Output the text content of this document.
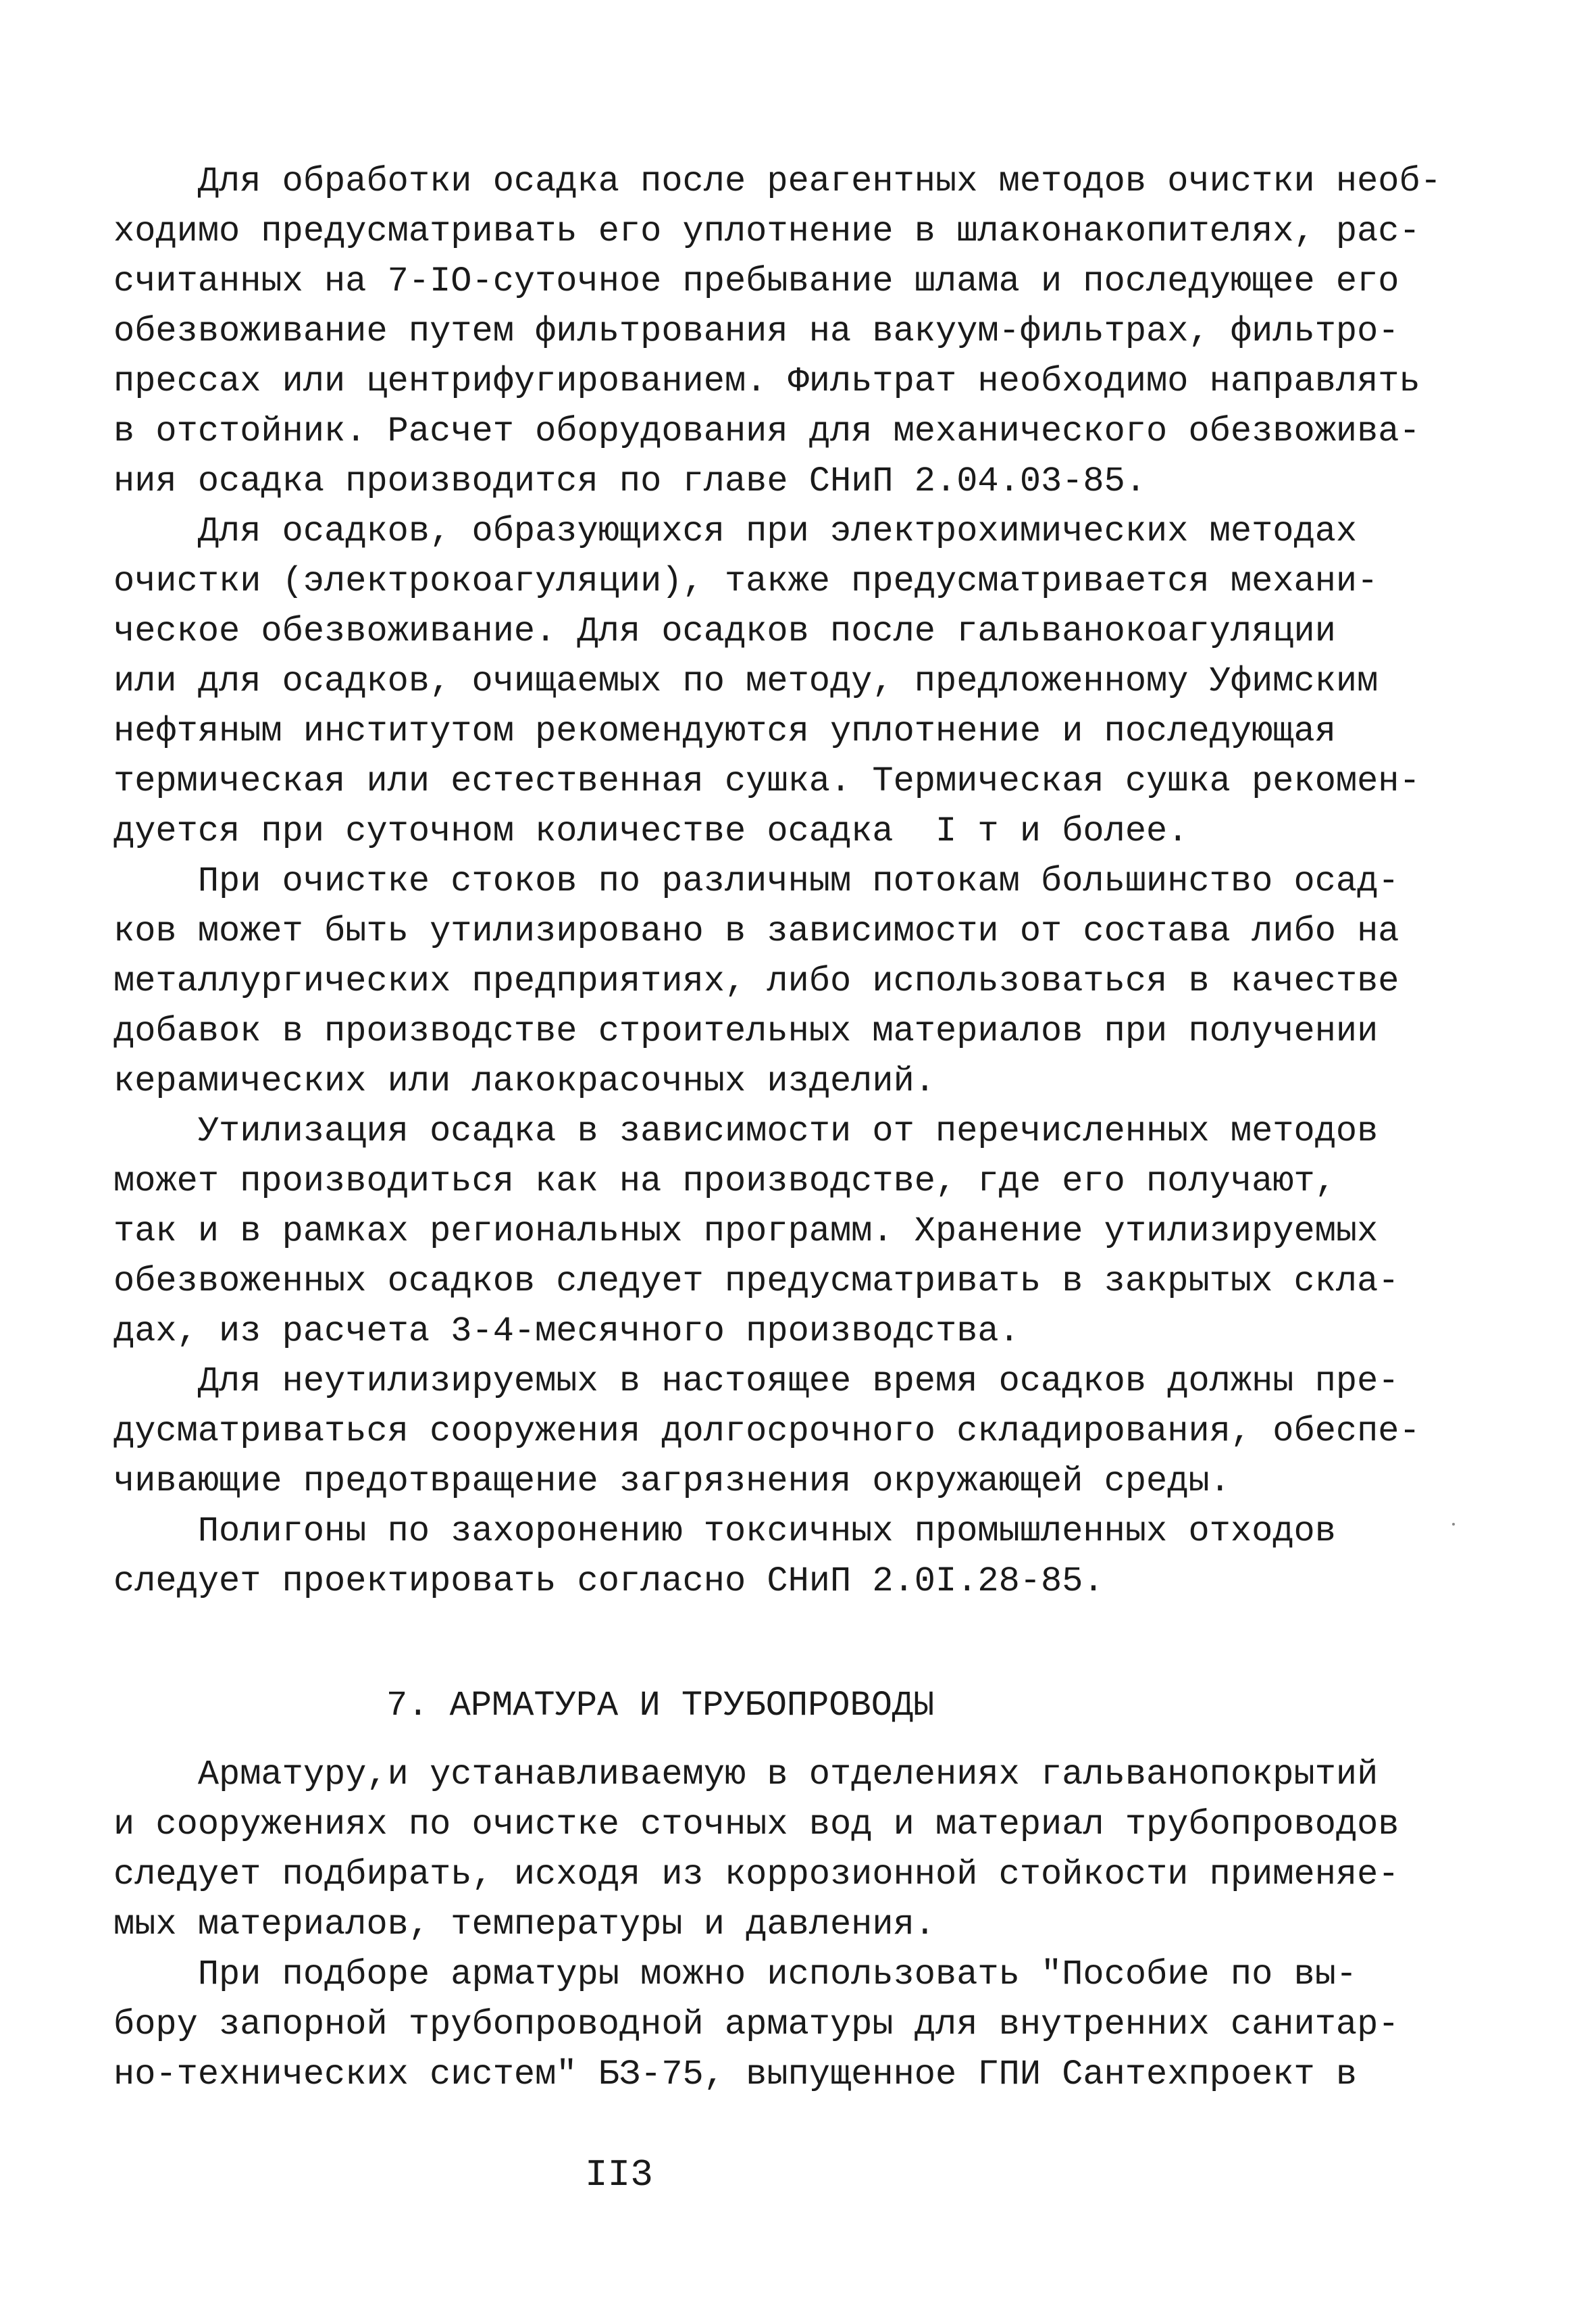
Для обработки осадка после реагентных методов очистки необ-
ходимо предусматривать его уплотнение в шлаконакопителях, рас-
считанных на 7-IO-суточное пребывание шлама и последующее его
обезвоживание путем фильтрования на вакуум-фильтрах, фильтро-
прессах или центрифугированием. Фильтрат необходимо направлять
в отстойник. Расчет оборудования для механического обезвожива-
ния осадка производится по главе СНиП 2.04.03-85.
Для осадков, образующихся при электрохимических методах
очистки (электрокоагуляции), также предусматривается механи-
ческое обезвоживание. Для осадков после гальванокоагуляции
или для осадков, очищаемых по методу, предложенному Уфимским
нефтяным институтом рекомендуются уплотнение и последующая
термическая или естественная сушка. Термическая сушка рекомен-
дуется при суточном количестве осадка  I т и более.
При очистке стоков по различным потокам большинство осад-
ков может быть утилизировано в зависимости от состава либо на
металлургических предприятиях, либо использоваться в качестве
добавок в производстве строительных материалов при получении
керамических или лакокрасочных изделий.
Утилизация осадка в зависимости от перечисленных методов
может производиться как на производстве, где его получают,
так и в рамках региональных программ. Хранение утилизируемых
обезвоженных осадков следует предусматривать в закрытых скла-
дах, из расчета 3-4-месячного производства.
Для неутилизируемых в настоящее время осадков должны пре-
дусматриваться сооружения долгосрочного складирования, обеспе-
чивающие предотвращение загрязнения окружающей среды.
Полигоны по захоронению токсичных промышленных отходов
следует проектировать согласно СНиП 2.0I.28-85.
7. АРМАТУРА И ТРУБОПРОВОДЫ
Арматуру,и устанавливаемую в отделениях гальванопокрытий
и сооружениях по очистке сточных вод и материал трубопроводов
следует подбирать, исходя из коррозионной стойкости применяе-
мых материалов, температуры и давления.
При подборе арматуры можно использовать "Пособие по вы-
бору запорной трубопроводной арматуры для внутренних санитар-
но-технических систем" БЗ-75, выпущенное ГПИ Сантехпроект в
II3
